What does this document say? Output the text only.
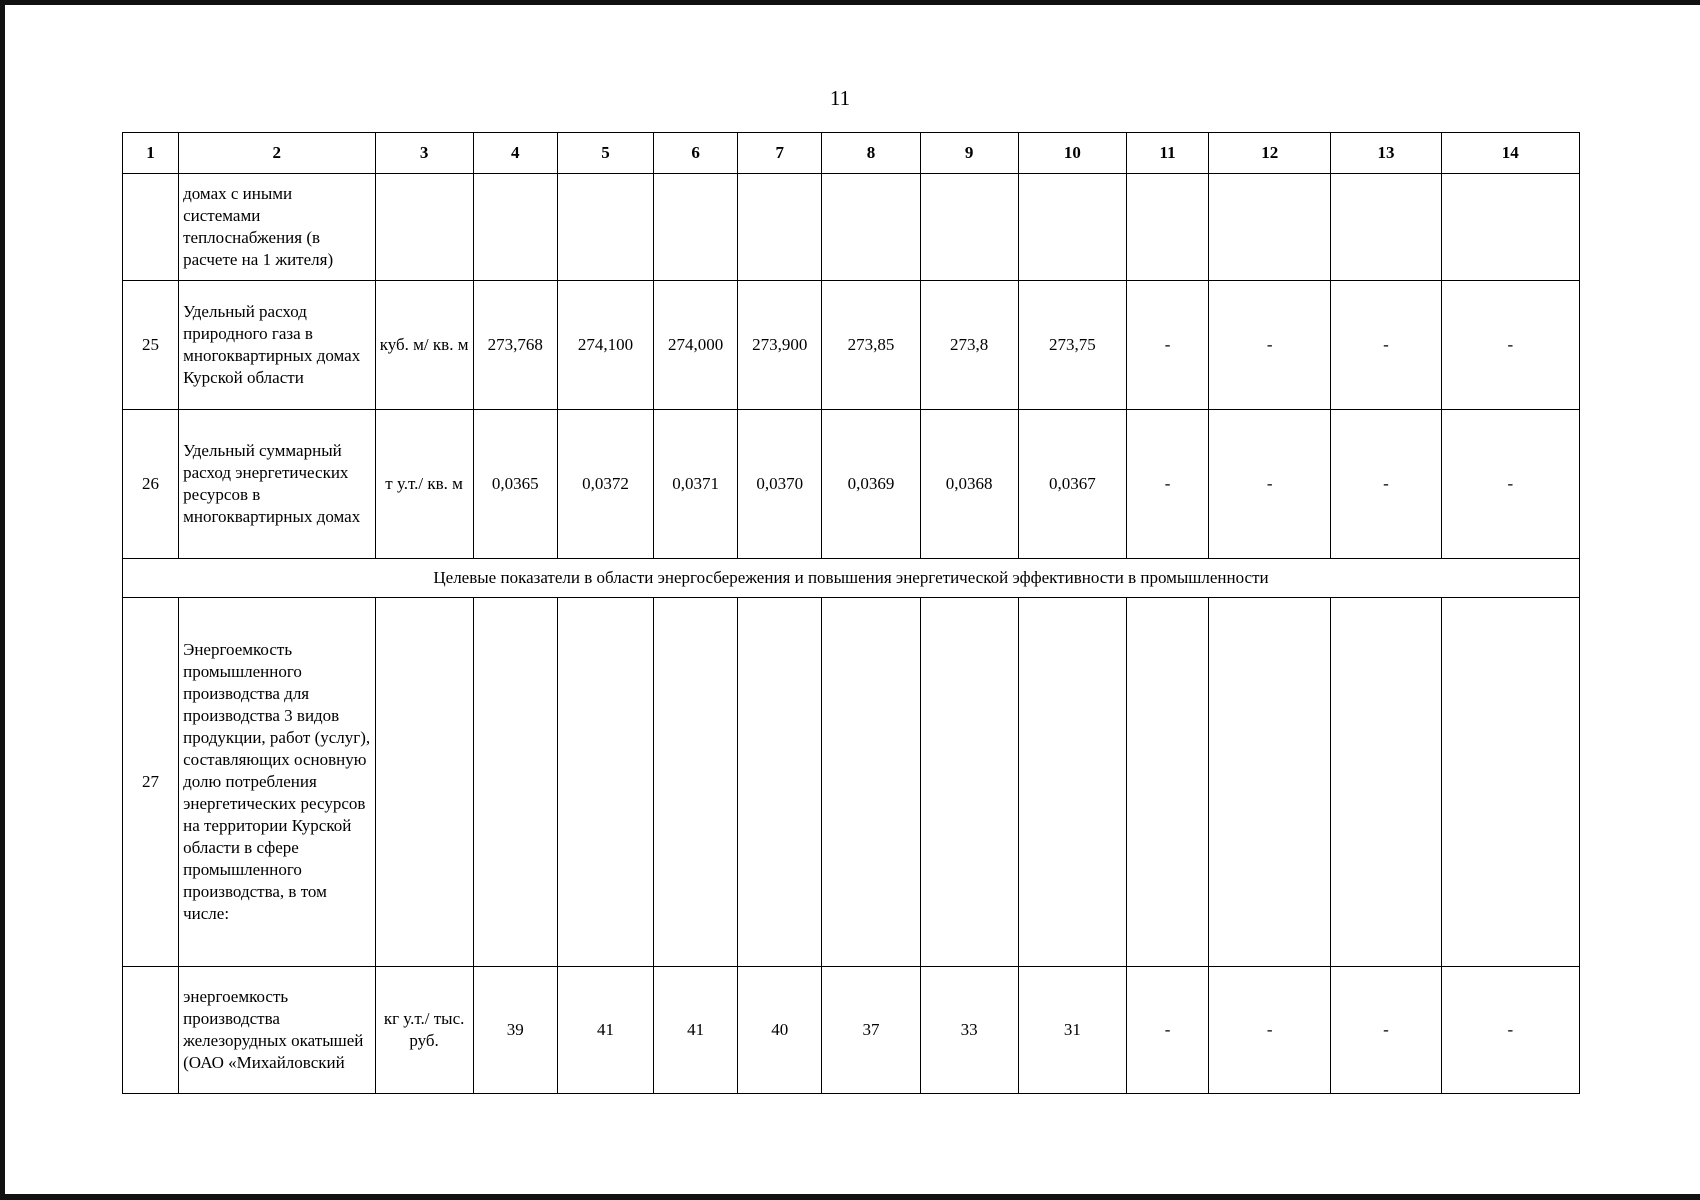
11
1	2	3	4	5	6	7	8	9	10	11	12	13	14
	домах с иными системами теплоснабжения (в расчете на 1 жителя)												
25	Удельный расход природного газа в многоквартирных домах Курской области	куб. м/ кв. м	273,768	274,100	274,000	273,900	273,85	273,8	273,75	-	-	-	-
26	Удельный суммарный расход энергетических ресурсов в многоквартирных домах	т у.т./ кв. м	0,0365	0,0372	0,0371	0,0370	0,0369	0,0368	0,0367	-	-	-	-
Целевые показатели в области энергосбережения и повышения энергетической эффективности в промышленности													
27	Энергоемкость промышленного производства для производства 3 видов продукции, работ (услуг), составляющих основную долю потребления энергетических ресурсов на территории Курской области в сфере промышленного производства, в том числе:												
	энергоемкость производства железорудных окатышей (ОАО «Михайловский	кг у.т./ тыс. руб.	39	41	41	40	37	33	31	-	-	-	-
